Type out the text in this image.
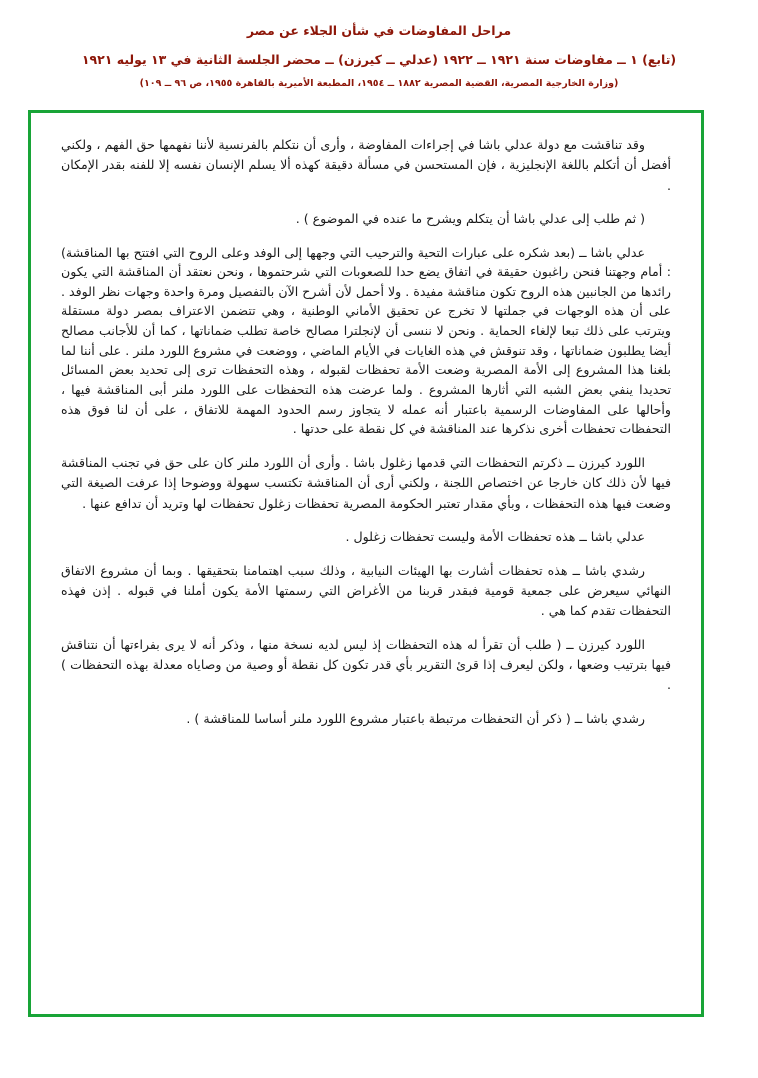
مراحل المفاوضات في شأن الجلاء عن مصر
(تابع) ١ ــ مفاوضات سنة ١٩٢١ ــ ١٩٢٢ (عدلي ــ كيرزن) ــ محضر الجلسة الثانية في ١٣ يوليه ١٩٢١
(وزارة الخارجية المصرية، القضية المصرية ١٨٨٢ ــ ١٩٥٤، المطبعة الأميرية بالقاهرة ١٩٥٥، ص ٩٦ ــ ١٠٩)

وقد تناقشت مع دولة عدلي باشا في إجراءات المفاوضة ، وأرى أن نتكلم بالفرنسية لأننا نفهمها حق الفهم ، ولكني أفضل أن أتكلم باللغة الإنجليزية ، فإن المستحسن في مسألة دقيقة كهذه ألا يسلم الإنسان نفسه إلا للفنه بقدر الإمكان .

( ثم طلب إلى عدلي باشا أن يتكلم ويشرح ما عنده في الموضوع ) .

عدلي باشا ــ (بعد شكره على عبارات التحية والترحيب التي وجهها إلى الوفد وعلى الروح التي افتتح بها المناقشة) : أمام وجهتنا فنحن راغبون حقيقة في اتفاق يضع حدا للصعوبات التي شرحتموها ، ونحن نعتقد أن المناقشة التي يكون رائدها من الجانبين هذه الروح تكون مناقشة مفيدة . ولا أحمل لأن أشرح الآن بالتفصيل ومرة واحدة وجهات نظر الوفد . على أن هذه الوجهات في جملتها لا تخرج عن تحقيق الأماني الوطنية ، وهي تتضمن الاعتراف بمصر دولة مستقلة ويترتب على ذلك تبعا لإلغاء الحماية . ونحن لا ننسى أن لإنجلترا مصالح خاصة تطلب ضماناتها ، كما أن للأجانب مصالح أيضا يطلبون ضماناتها ، وقد تنوقش في هذه الغايات في الأيام الماضي ، ووضعت في مشروع اللورد ملنر . على أننا لما بلغنا هذا المشروع إلى الأمة المصرية وضعت الأمة تحفظات لقبوله ، وهذه التحفظات ترى إلى تحديد بعض المسائل تحديدا ينفي بعض الشبه التي أثارها المشروع . ولما عرضت هذه التحفظات على اللورد ملنر أبى المناقشة فيها ، وأحالها على المفاوضات الرسمية باعتبار أنه عمله لا يتجاوز رسم الحدود المهمة للاتفاق ، على أن لنا فوق هذه التحفظات تحفظات أخرى نذكرها عند المناقشة في كل نقطة على حدتها .

اللورد كيرزن ــ ذكرتم التحفظات التي قدمها زغلول باشا . وأرى أن اللورد ملنر كان على حق في تجنب المناقشة فيها لأن ذلك كان خارجا عن اختصاص اللجنة ، ولكني أرى أن المناقشة تكتسب سهولة ووضوحا إذا عرفت الصيغة التي وضعت فيها هذه التحفظات ، وبأي مقدار تعتبر الحكومة المصرية تحفظات زغلول تحفظات لها وتريد أن تدافع عنها .

عدلي باشا ــ هذه تحفظات الأمة وليست تحفظات زغلول .

رشدي باشا ــ هذه تحفظات أشارت بها الهيئات النيابية ، وذلك سبب اهتمامنا بتحقيقها . وبما أن مشروع الاتفاق النهائي سيعرض على جمعية قومية فبقدر قربنا من الأغراض التي رسمتها الأمة يكون أملنا في قبوله . إذن فهذه التحفظات تقدم كما هي .

اللورد كيرزن ــ ( طلب أن تقرأ له هذه التحفظات إذ ليس لديه نسخة منها ، وذكر أنه لا يرى بفراءتها أن نتناقش فيها بترتيب وضعها ، ولكن ليعرف إذا قرئ التقرير بأي قدر تكون كل نقطة أو وصية من وصاياه معدلة بهذه التحفظات ) .

رشدي باشا ــ ( ذكر أن التحفظات مرتبطة باعتبار مشروع اللورد ملنر أساسا للمناقشة ) .
